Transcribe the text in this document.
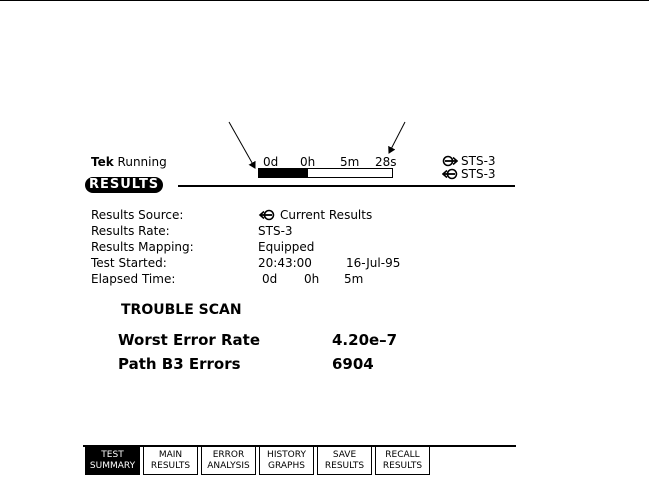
Tek Running	0d 0h 5m 28s	STS-3
STS-3
RESULTS
Results Source:	Current Results
Results Rate:	STS-3
Results Mapping:	Equipped
Test Started:	20:43:00	16-Jul-95
Elapsed Time:	0d 0h 5m
TROUBLE SCAN
Worst Error Rate	4.20e–7
Path B3 Errors	6904
TEST
SUMMARY
MAIN
RESULTS
ERROR
ANALYSIS
HISTORY
GRAPHS
SAVE
RESULTS
RECALL
RESULTS
